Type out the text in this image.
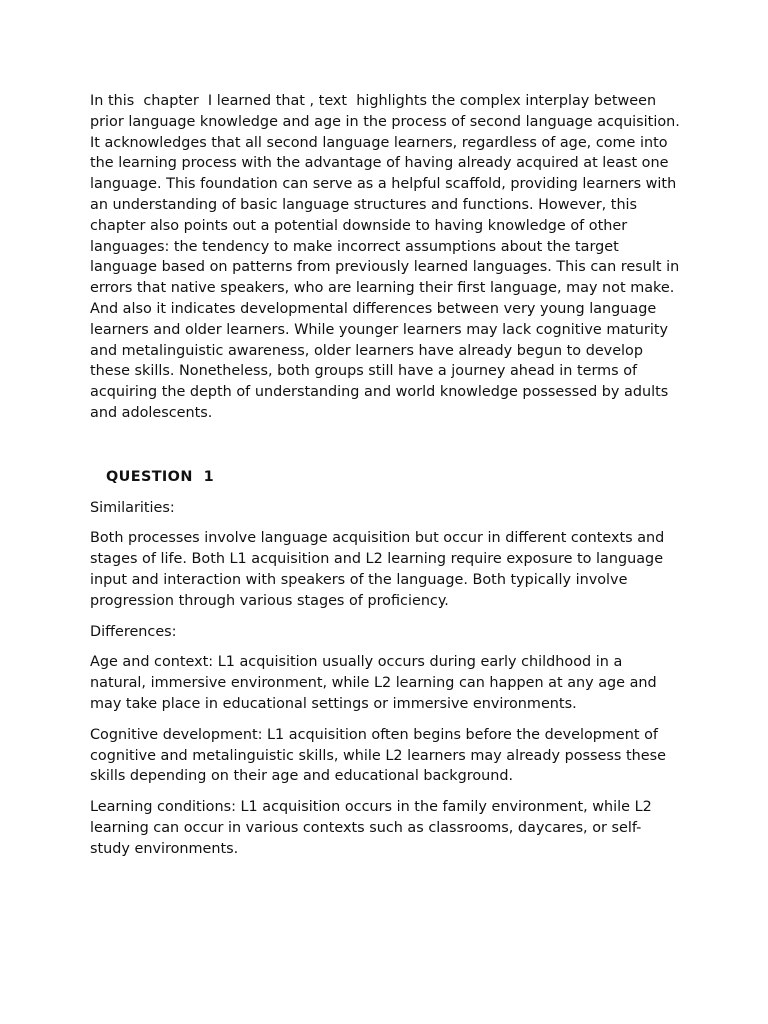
In this  chapter  I learned that , text  highlights the complex interplay between prior language knowledge and age in the process of second language acquisition. It acknowledges that all second language learners, regardless of age, come into the learning process with the advantage of having already acquired at least one language. This foundation can serve as a helpful scaffold, providing learners with an understanding of basic language structures and functions. However, this chapter also points out a potential downside to having knowledge of other languages: the tendency to make incorrect assumptions about the target language based on patterns from previously learned languages. This can result in errors that native speakers, who are learning their first language, may not make. And also it indicates developmental differences between very young language learners and older learners. While younger learners may lack cognitive maturity and metalinguistic awareness, older learners have already begun to develop these skills. Nonetheless, both groups still have a journey ahead in terms of acquiring the depth of understanding and world knowledge possessed by adults and adolescents.

QUESTION  1

Similarities:

Both processes involve language acquisition but occur in different contexts and stages of life. Both L1 acquisition and L2 learning require exposure to language input and interaction with speakers of the language. Both typically involve progression through various stages of proficiency.

Differences:

Age and context: L1 acquisition usually occurs during early childhood in a natural, immersive environment, while L2 learning can happen at any age and may take place in educational settings or immersive environments.

Cognitive development: L1 acquisition often begins before the development of cognitive and metalinguistic skills, while L2 learners may already possess these skills depending on their age and educational background.

Learning conditions: L1 acquisition occurs in the family environment, while L2 learning can occur in various contexts such as classrooms, daycares, or self-study environments.
